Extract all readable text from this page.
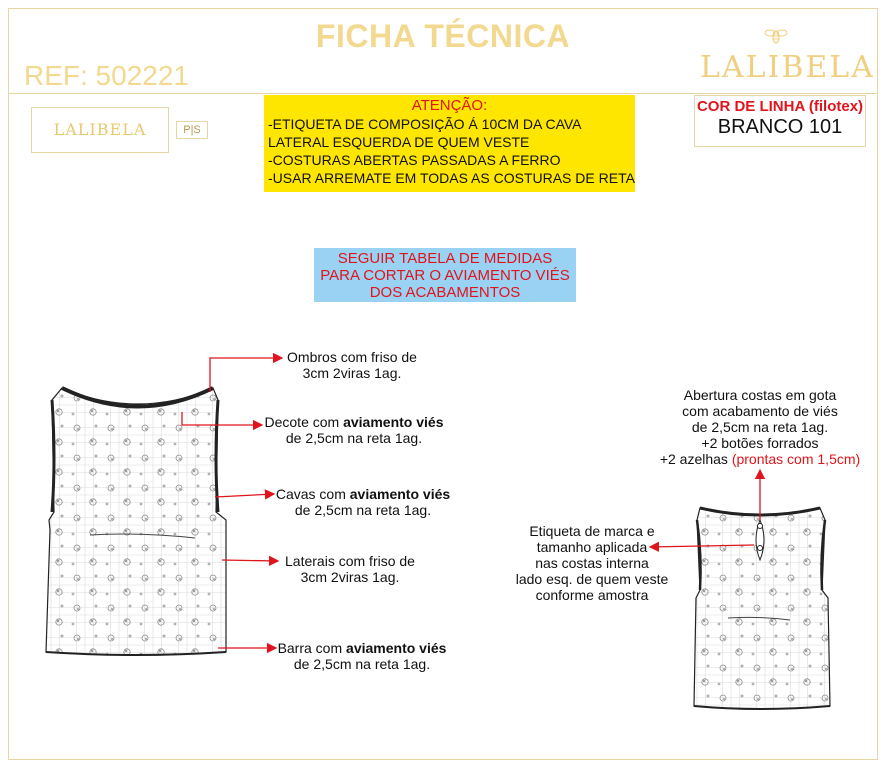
FICHA TÉCNICA
REF: 502221	LALIBELA
LALIBELA	P|S
ATENÇÃO:
-ETIQUETA DE COMPOSIÇÃO Á 10CM DA CAVA
LATERAL ESQUERDA DE QUEM VESTE
-COSTURAS ABERTAS PASSADAS A FERRO
-USAR ARREMATE EM TODAS AS COSTURAS DE RETA
COR DE LINHA (filotex)
BRANCO 101
SEGUIR TABELA DE MEDIDAS
PARA CORTAR O AVIAMENTO VIÉS
DOS ACABAMENTOS
Ombros com friso de
3cm 2viras 1ag.
Decote com aviamento viés
de 2,5cm na reta 1ag.
Cavas com aviamento viés
de 2,5cm na reta 1ag.
Laterais com friso de
3cm 2viras 1ag.
Barra com aviamento viés
de 2,5cm na reta 1ag.
Abertura costas em gota
com acabamento de viés
de 2,5cm na reta 1ag.
+2 botões forrados
+2 azelhas (prontas com 1,5cm)
Etiqueta de marca e
tamanho aplicada
nas costas interna
lado esq. de quem veste
conforme amostra
